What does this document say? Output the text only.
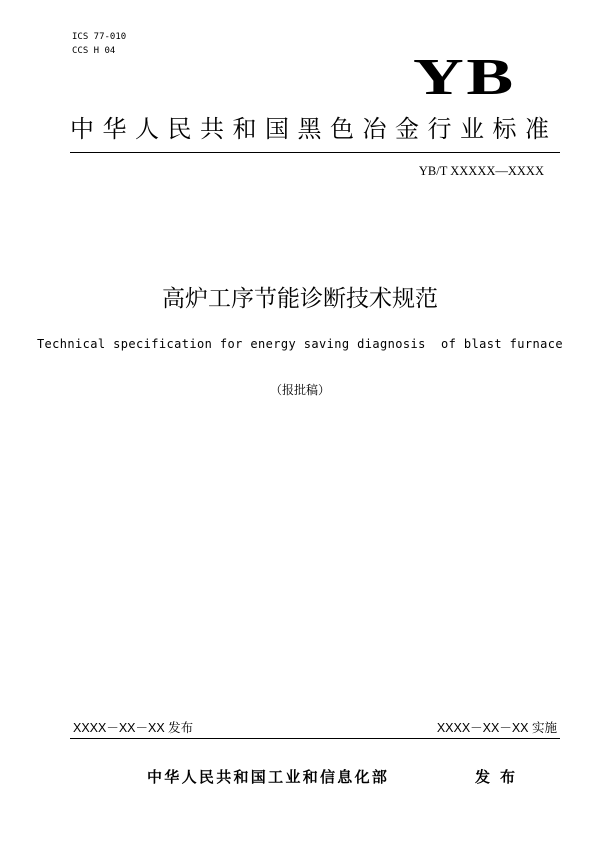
ICS 77-010
CCS H 04	YB
中华人民共和国黑色冶金行业标准
YB/T XXXXX—XXXX
高炉工序节能诊断技术规范
Technical specification for energy saving diagnosis  of blast furnace
（报批稿）
XXXX－XX－XX 发布	XXXX－XX－XX 实施
中华人民共和国工业和信息化部	发布
